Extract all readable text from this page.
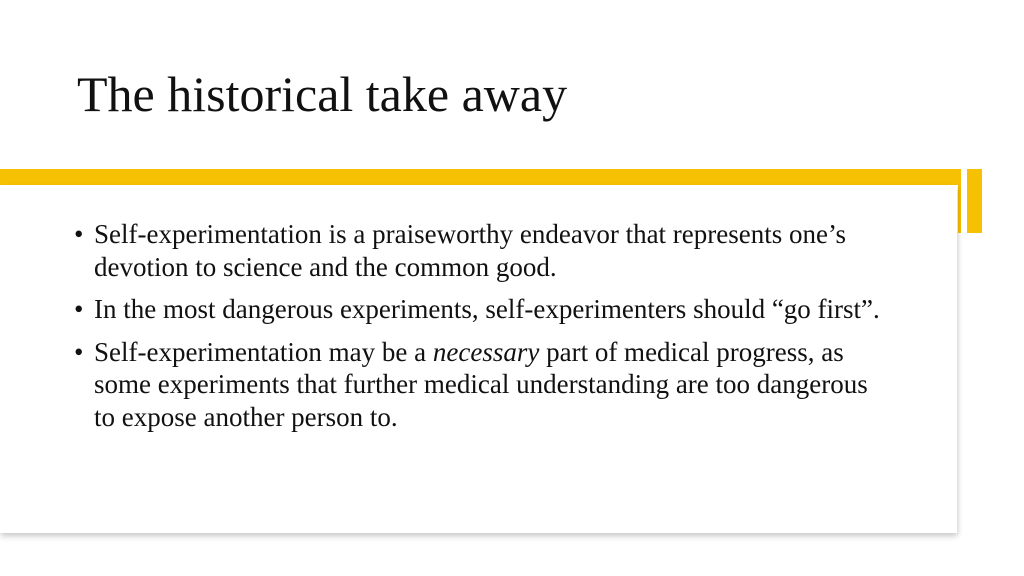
The historical take away
• Self-experimentation is a praiseworthy endeavor that represents one’s devotion to science and the common good.
• In the most dangerous experiments, self-experimenters should “go first”.
• Self-experimentation may be a necessary part of medical progress, as some experiments that further medical understanding are too dangerous to expose another person to.
